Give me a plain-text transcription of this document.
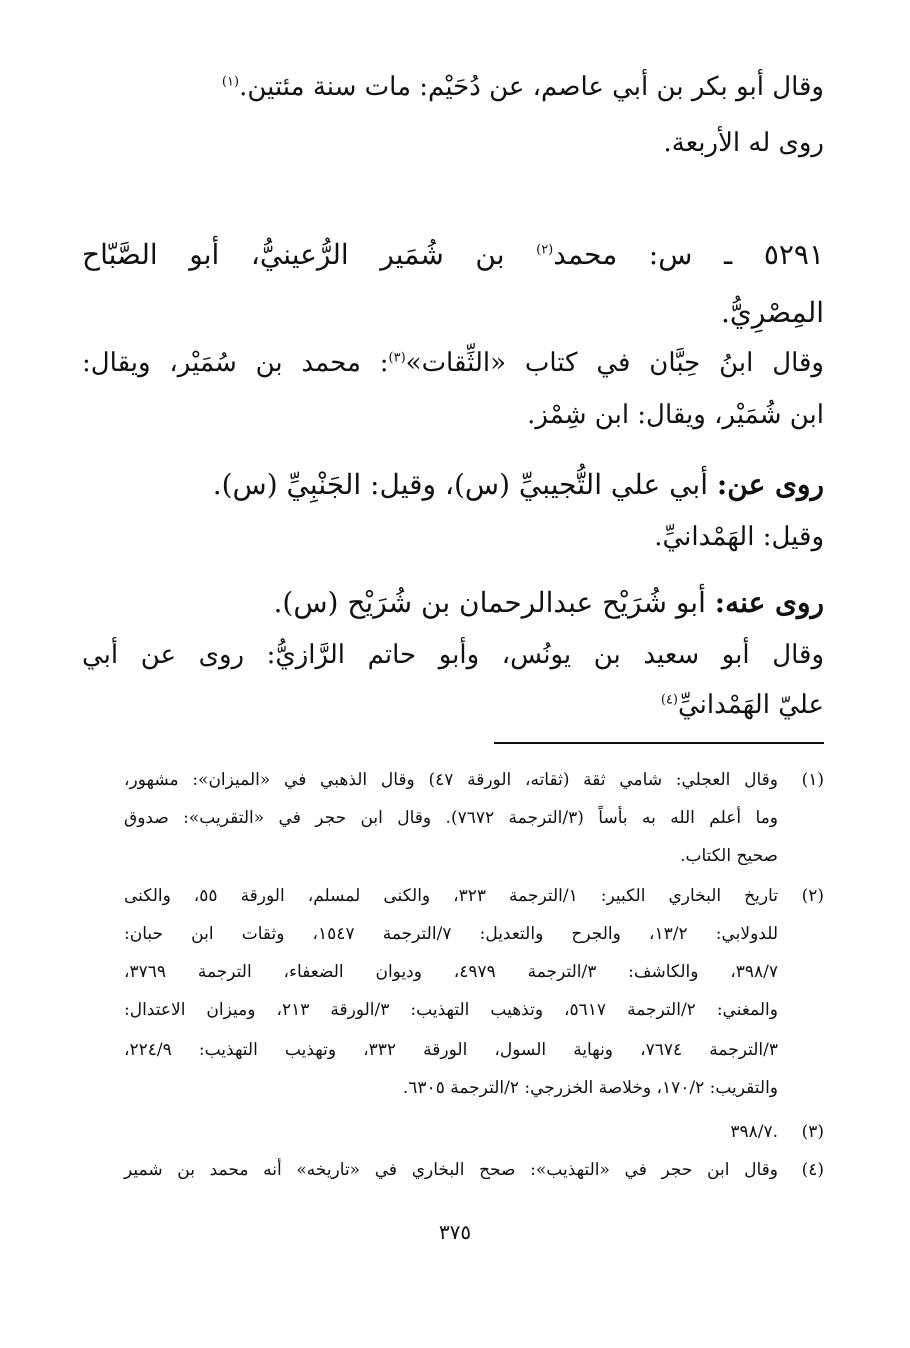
وقال أبو بكر بن أبي عاصم، عن دُحَيْم: مات سنة مئتين.$^{(١)}$
روى له الأربعة.
٥٢٩١ ـ س: محمد$^{(٢)}$ بن شُمَير الرُّعينيُّ، أبو الصَّبّاح
المِصْرِيُّ.
وقال ابنُ حِبَّان في كتاب «الثِّقات»$^{(٣)}$: محمد بن سُمَيْر، ويقال:
ابن شُمَيْر، ويقال: ابن شِمْز.
روى عن: أبي علي التُّجيبيِّ (س)، وقيل: الجَنْبِيِّ (س).
وقيل: الهَمْدانيِّ.
روى عنه: أبو شُرَيْح عبدالرحمان بن شُرَيْح (س).
وقال أبو سعيد بن يونُس، وأبو حاتم الرَّازيُّ: روى عن أبي
عليّ الهَمْدانيِّ$^{(٤)}$
(١)
وقال العجلي: شامي ثقة (ثقاته، الورقة ٤٧) وقال الذهبي في «الميزان»: مشهور،
وما أعلم الله به بأساً (٣/الترجمة ٧٦٧٢). وقال ابن حجر في «التقريب»: صدوق
صحيح الكتاب.
(٢)
تاريخ البخاري الكبير: ١/الترجمة ٣٢٣، والكنى لمسلم، الورقة ٥٥، والكنى
للدولابي: ١٣/٢، والجرح والتعديل: ٧/الترجمة ١٥٤٧، وثقات ابن حبان:
٣٩٨/٧، والكاشف: ٣/الترجمة ٤٩٧٩، وديوان الضعفاء، الترجمة ٣٧٦٩،
والمغني: ٢/الترجمة ٥٦١٧، وتذهيب التهذيب: ٣/الورقة ٢١٣، وميزان الاعتدال:
٣/الترجمة ٧٦٧٤، ونهاية السول، الورقة ٣٣٢، وتهذيب التهذيب: ٢٢٤/٩،
والتقريب: ١٧٠/٢، وخلاصة الخزرجي: ٢/الترجمة ٦٣٠٥.
(٣)
٣٩٨/٧.
(٤)
وقال ابن حجر في «التهذيب»: صحح البخاري في «تاريخه» أنه محمد بن شمير
٣٧٥
